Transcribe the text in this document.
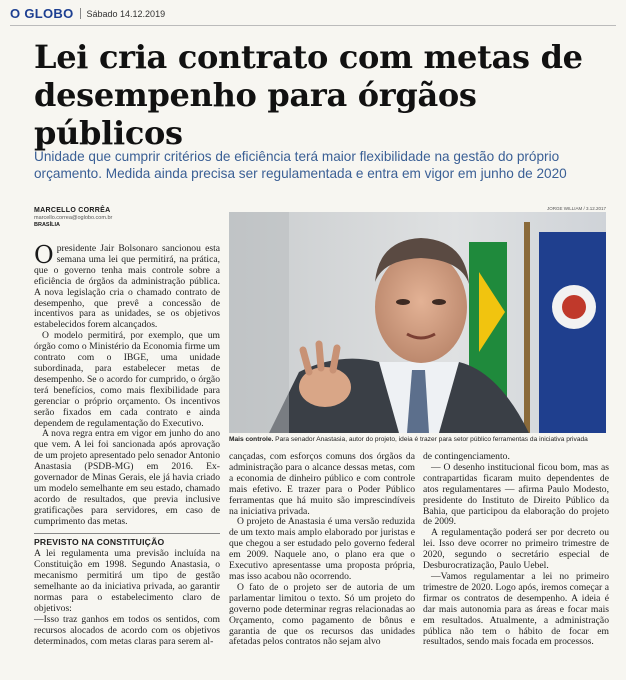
O GLOBO Sábado 14.12.2019
Lei cria contrato com metas de desempenho para órgãos públicos
Unidade que cumprir critérios de eficiência terá maior flexibilidade na gestão do próprio orçamento. Medida ainda precisa ser regulamentada e entra em vigor em junho de 2020
MARCELLO CORRÊA
marcello.correa@oglobo.com.br
BRASÍLIA
JORGE WILLIAM / 3.12.2017
Mais controle. Para senador Anastasia, autor do projeto, ideia é trazer para setor público ferramentas da iniciativa privada

O presidente Jair Bolsonaro sancionou esta semana uma lei que permitirá, na prática, que o governo tenha mais controle sobre a eficiência de órgãos da administração pública. A nova legislação cria o chamado contrato de desempenho, que prevê a concessão de incentivos para as unidades, se os objetivos estabelecidos forem alcançados.

O modelo permitirá, por exemplo, que um órgão como o Ministério da Economia firme um contrato com o IBGE, uma unidade subordinada, para estabelecer metas de desempenho. Se o acordo for cumprido, o órgão terá benefícios, como mais flexibilidade para gerenciar o próprio orçamento. Os incentivos serão fixados em cada contrato e ainda dependem de regulamentação do Executivo.

A nova regra entra em vigor em junho do ano que vem. A lei foi sancionada após aprovação de um projeto apresentado pelo senador Antonio Anastasia (PSDB-MG) em 2016. Ex-governador de Minas Gerais, ele já havia criado um modelo semelhante em seu estado, chamado acordo de resultados, que previa inclusive gratificações para servidores, em caso de cumprimento das metas.

PREVISTO NA CONSTITUIÇÃO

A lei regulamenta uma previsão incluída na Constituição em 1998. Segundo Anastasia, o mecanismo permitirá um tipo de gestão semelhante ao da iniciativa privada, ao garantir normas para o estabelecimento claro de objetivos:

—Isso traz ganhos em todos os sentidos, com recursos alocados de acordo com os objetivos determinados, com metas claras para serem al-

cançadas, com esforços comuns dos órgãos da administração para o alcance dessas metas, com a economia de dinheiro público e com controle mais efetivo. E trazer para o Poder Público ferramentas que há muito são imprescindíveis na iniciativa privada.

O projeto de Anastasia é uma versão reduzida de um texto mais amplo elaborado por juristas e que chegou a ser estudado pelo governo federal em 2009. Naquele ano, o plano era que o Executivo apresentasse uma proposta própria, mas isso acabou não ocorrendo.

O fato de o projeto ser de autoria de um parlamentar limitou o texto. Só um projeto do governo pode determinar regras relacionadas ao Orçamento, como pagamento de bônus e garantia de que os recursos das unidades afetadas pelos contratos não sejam alvo

de contingenciamento.

— O desenho institucional ficou bom, mas as contrapartidas ficaram muito dependentes de atos regulamentares — afirma Paulo Modesto, presidente do Instituto de Direito Público da Bahia, que participou da elaboração do projeto de 2009.

A regulamentação poderá ser por decreto ou lei. Isso deve ocorrer no primeiro trimestre de 2020, segundo o secretário especial de Desburocratização, Paulo Uebel.

—Vamos regulamentar a lei no primeiro trimestre de 2020. Logo após, iremos começar a firmar os contratos de desempenho. A ideia é dar mais autonomia para as áreas e focar mais em resultados. Atualmente, a administração pública não tem o hábito de focar em resultados, sendo mais focada em processos.
